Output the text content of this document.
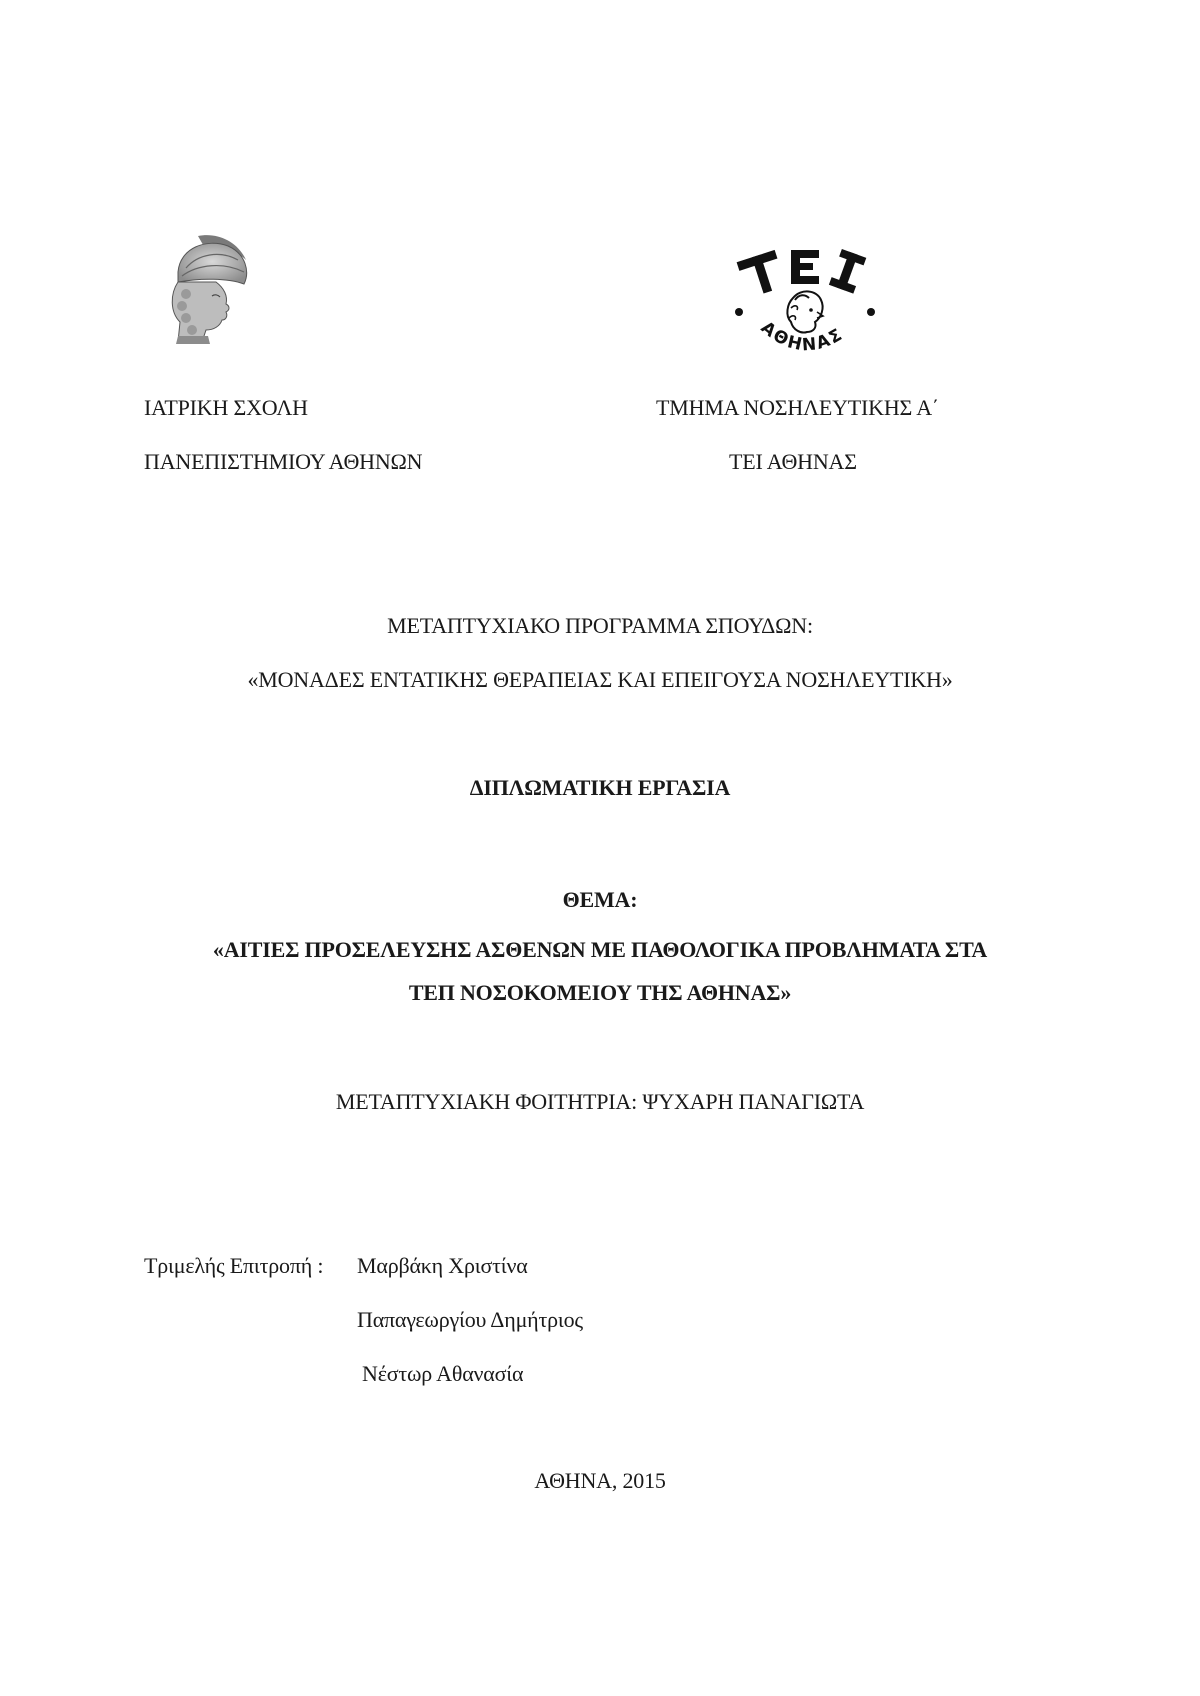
ΑΘΗΝΑΣ
ΙΑΤΡΙΚΗ ΣΧΟΛΗ
ΠΑΝΕΠΙΣΤΗΜΙΟΥ ΑΘΗΝΩΝ
ΤΜΗΜΑ ΝΟΣΗΛΕΥΤΙΚΗΣ Α΄
ΤΕΙ ΑΘΗΝΑΣ
ΜΕΤΑΠΤΥΧΙΑΚΟ ΠΡΟΓΡΑΜΜΑ ΣΠΟΥΔΩΝ:
«ΜΟΝΑΔΕΣ ΕΝΤΑΤΙΚΗΣ ΘΕΡΑΠΕΙΑΣ ΚΑΙ ΕΠΕΙΓΟΥΣΑ ΝΟΣΗΛΕΥΤΙΚΗ»
ΔΙΠΛΩΜΑΤΙΚΗ ΕΡΓΑΣΙΑ
ΘΕΜΑ:
«ΑΙΤΙΕΣ ΠΡΟΣΕΛΕΥΣΗΣ ΑΣΘΕΝΩΝ ΜΕ ΠΑΘΟΛΟΓΙΚΑ ΠΡΟΒΛΗΜΑΤΑ ΣΤΑ
ΤΕΠ ΝΟΣΟΚΟΜΕΙΟΥ ΤΗΣ ΑΘΗΝΑΣ»
ΜΕΤΑΠΤΥΧΙΑΚΗ ΦΟΙΤΗΤΡΙΑ: ΨΥΧΑΡΗ ΠΑΝΑΓΙΩΤΑ
Τριμελής Επιτροπή : Μαρβάκη Χριστίνα
Παπαγεωργίου Δημήτριος
Νέστωρ Αθανασία
ΑΘΗΝΑ, 2015
